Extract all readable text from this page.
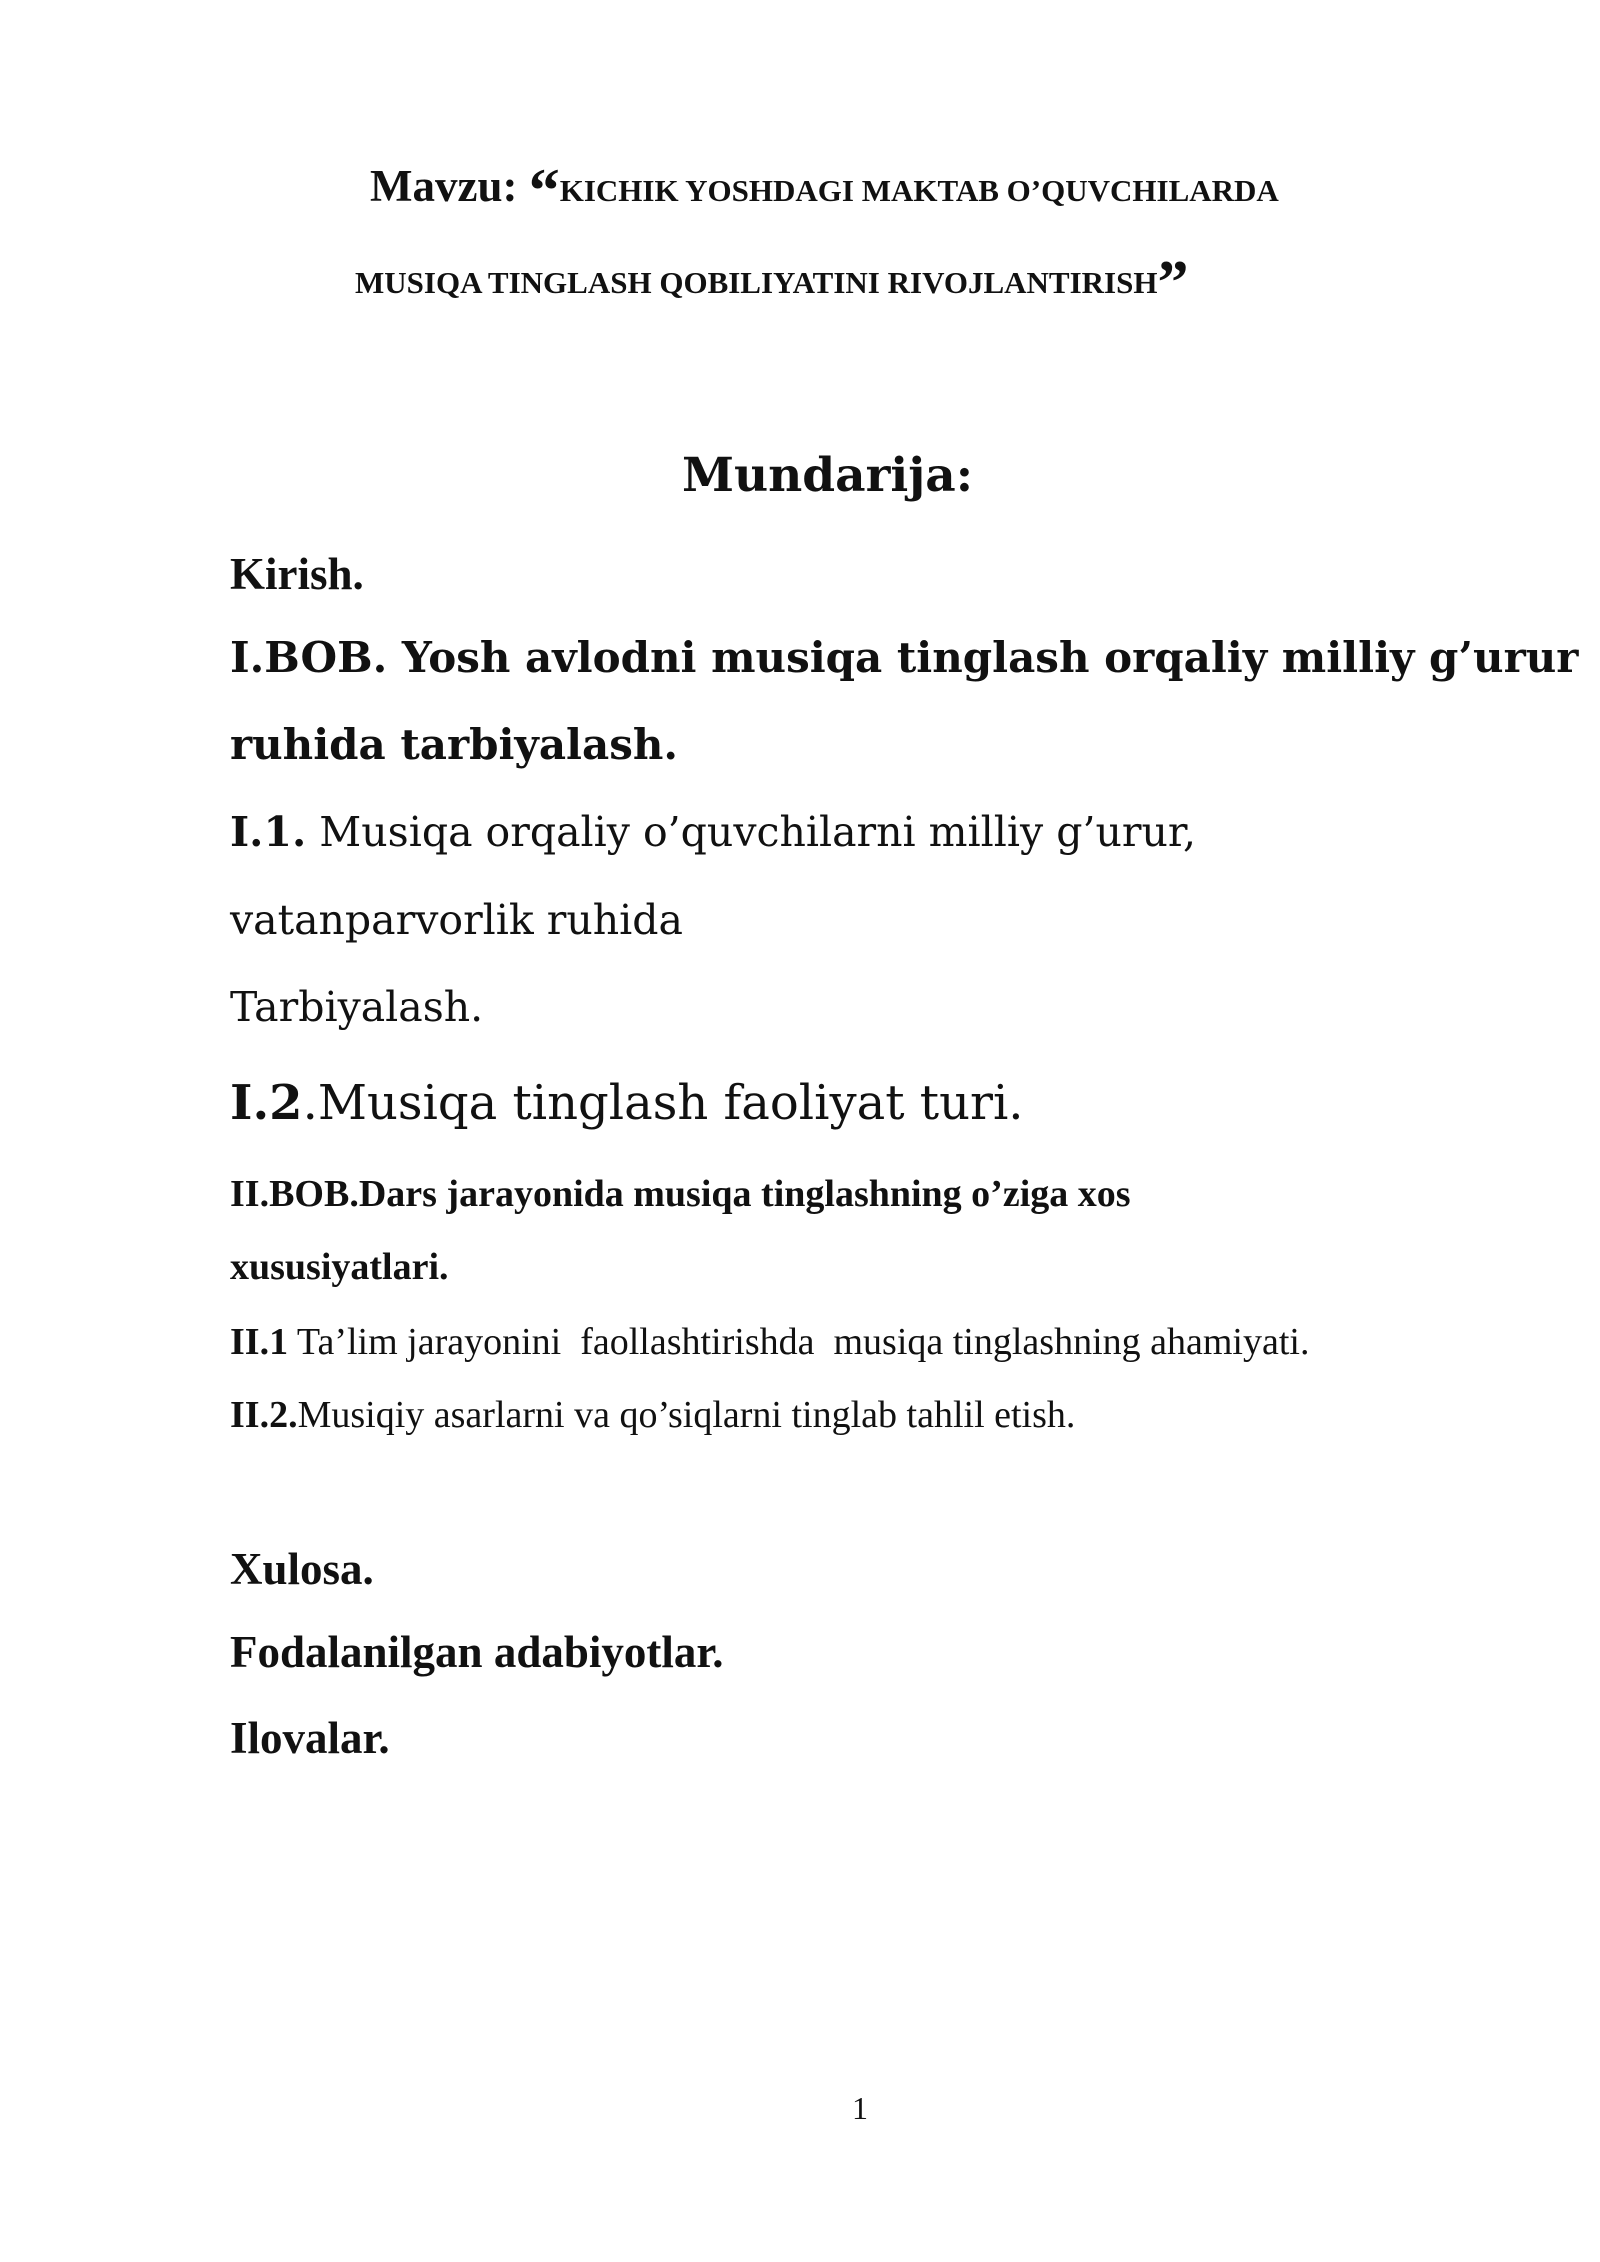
Mavzu: “KICHIK YOSHDAGI MAKTAB O’QUVCHILARDA
MUSIQA TINGLASH QOBILIYATINI RIVOJLANTIRISH”
Mundarija:
Kirish.
I.BOB. Yosh avlodni musiqa tinglash orqaliy milliy g’urur
ruhida tarbiyalash.
I.1. Musiqa orqaliy o’quvchilarni milliy g’urur,
vatanparvorlik ruhida
Tarbiyalash.
I.2.Musiqa tinglash faoliyat turi.
II.BOB.Dars jarayonida musiqa tinglashning o’ziga xos
xususiyatlari.
II.1 Ta’lim jarayonini  faollashtirishda  musiqa tinglashning ahamiyati.
II.2.Musiqiy asarlarni va qo’siqlarni tinglab tahlil etish.
Xulosa.
Fodalanilgan adabiyotlar.
Ilovalar.
1
